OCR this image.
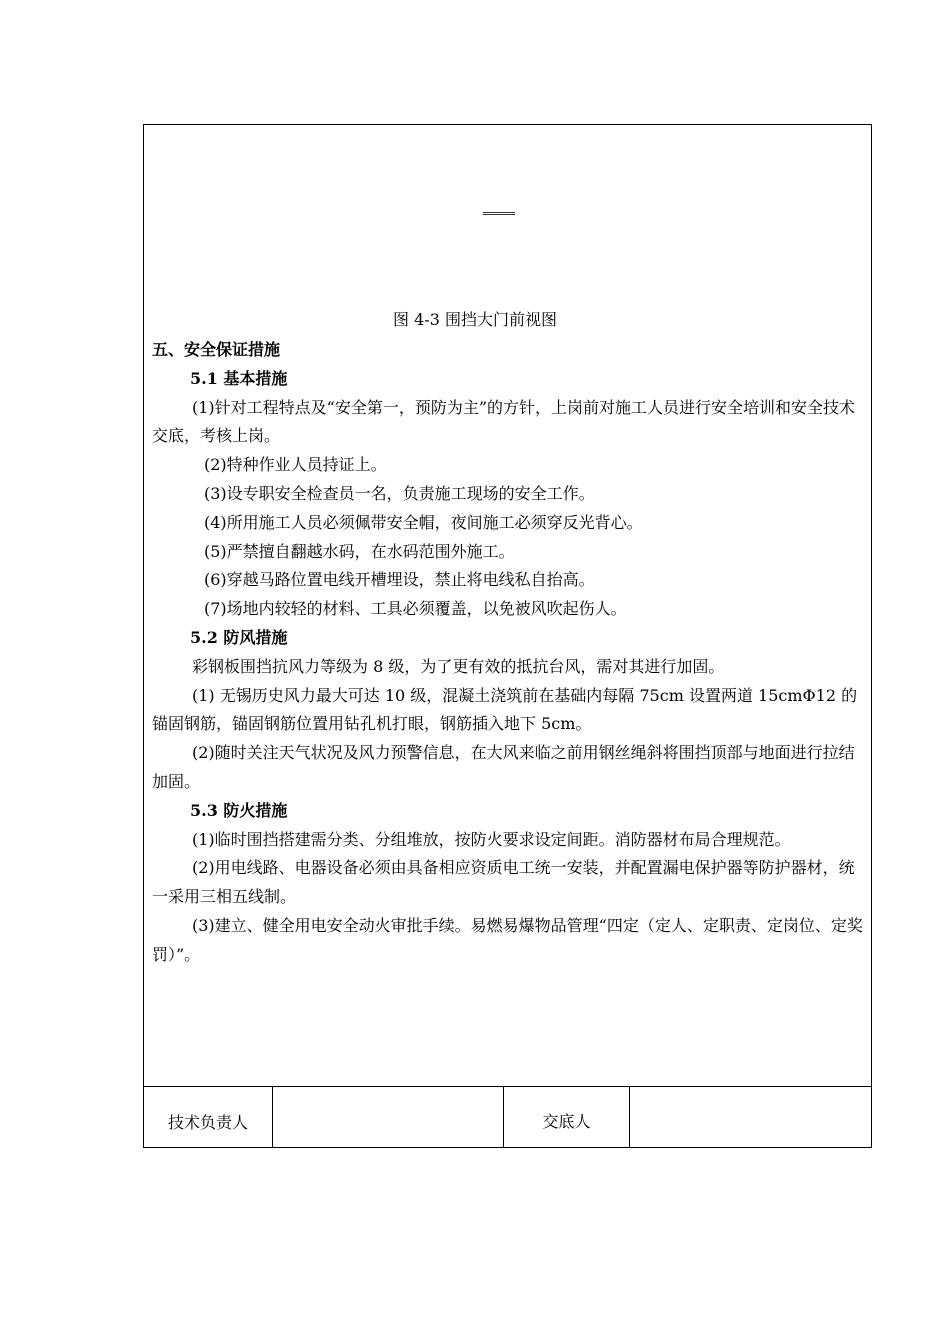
图 4-3 围挡大门前视图

五、安全保证措施

5.1 基本措施

(1)针对工程特点及“安全第一，预防为主”的方针，上岗前对施工人员进行安全培训和安全技术交底，考核上岗。

(2)特种作业人员持证上。

(3)设专职安全检查员一名，负责施工现场的安全工作。

(4)所用施工人员必须佩带安全帽，夜间施工必须穿反光背心。

(5)严禁擅自翻越水码，在水码范围外施工。

(6)穿越马路位置电线开槽埋设，禁止将电线私自抬高。

(7)场地内较轻的材料、工具必须覆盖，以免被风吹起伤人。

5.2 防风措施

彩钢板围挡抗风力等级为 8 级，为了更有效的抵抗台风，需对其进行加固。

(1) 无锡历史风力最大可达 10 级，混凝土浇筑前在基础内每隔 75cm 设置两道 15cmΦ12 的锚固钢筋，锚固钢筋位置用钻孔机打眼，钢筋插入地下 5cm。

(2)随时关注天气状况及风力预警信息，在大风来临之前用钢丝绳斜将围挡顶部与地面进行拉结加固。

5.3 防火措施

(1)临时围挡搭建需分类、分组堆放，按防火要求设定间距。消防器材布局合理规范。

(2)用电线路、电器设备必须由具备相应资质电工统一安装，并配置漏电保护器等防护器材，统一采用三相五线制。

(3)建立、健全用电安全动火审批手续。易燃易爆物品管理“四定（定人、定职责、定岗位、定奖罚）”。

技术负责人	交底人
